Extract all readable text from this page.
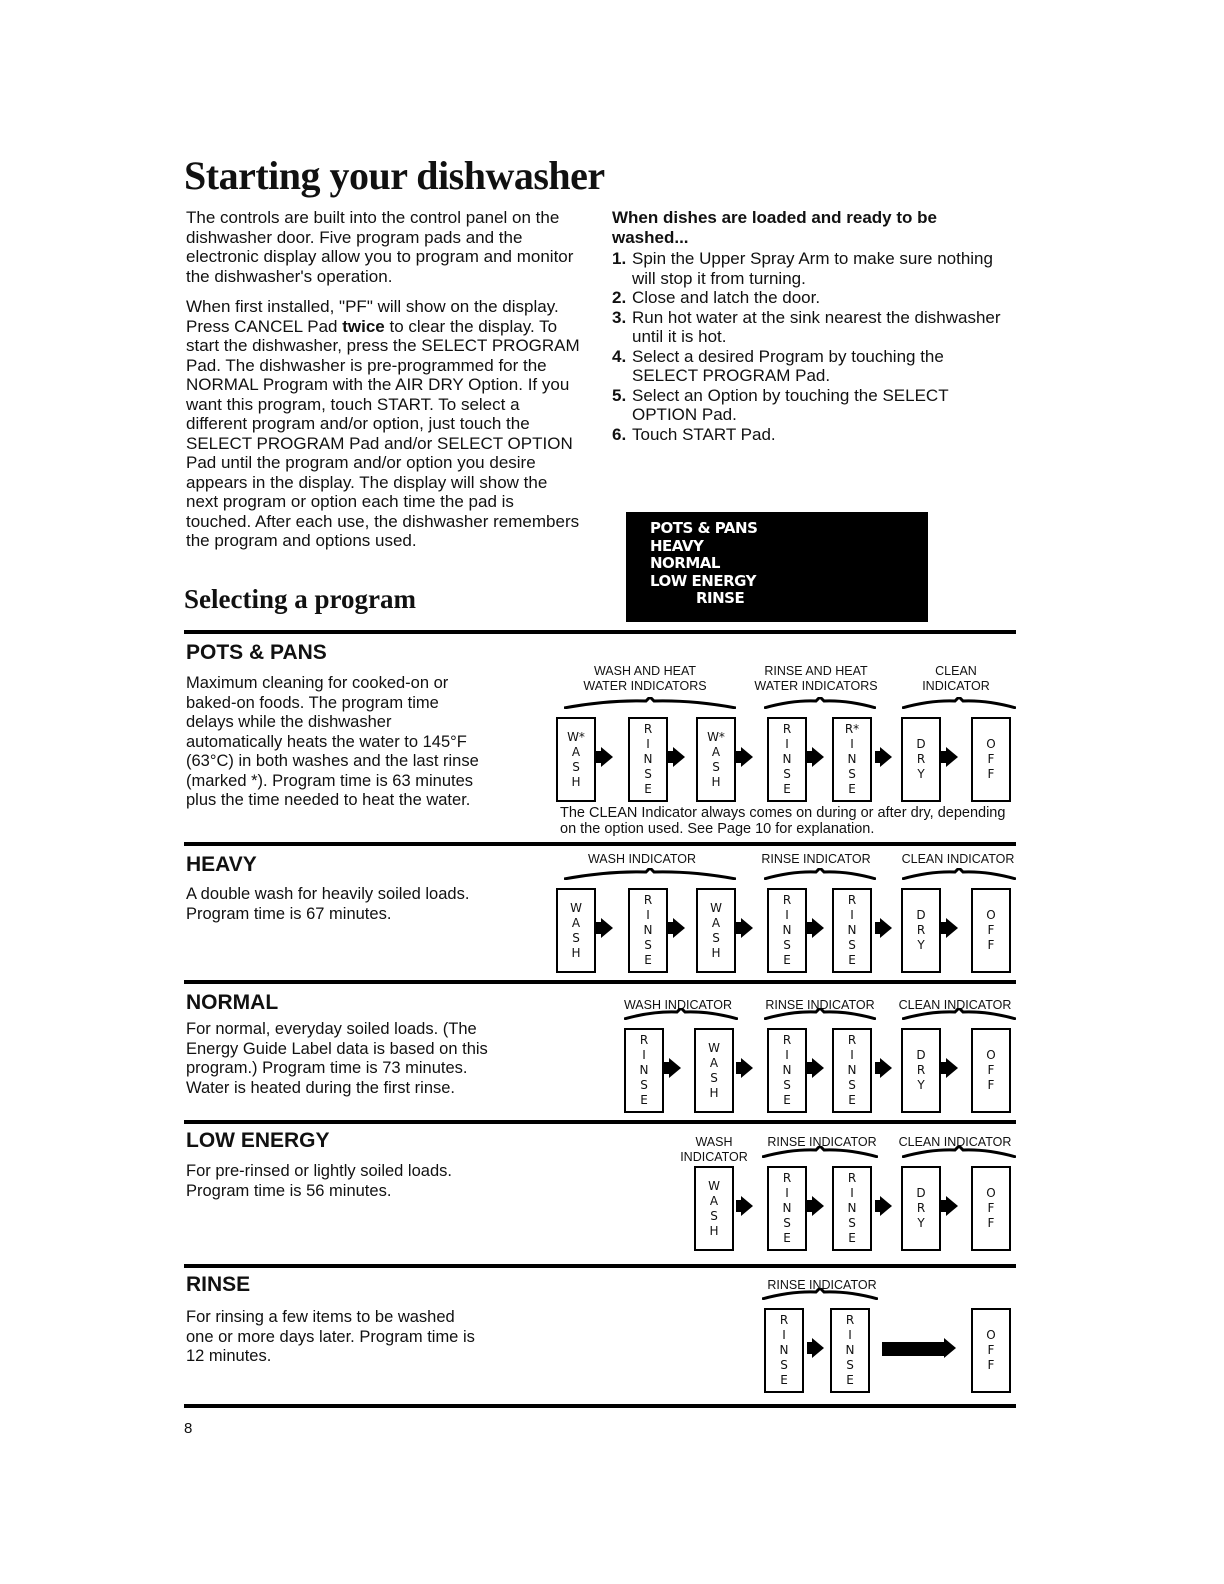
Starting your dishwasher

The controls are built into the control panel on the dishwasher door. Five program pads and the electronic display allow you to program and monitor the dishwasher's operation.

When first installed, "PF" will show on the display. Press CANCEL Pad twice to clear the display. To start the dishwasher, press the SELECT PROGRAM Pad. The dishwasher is pre-programmed for the NORMAL Program with the AIR DRY Option. If you want this program, touch START. To select a different program and/or option, just touch the SELECT PROGRAM Pad and/or SELECT OPTION Pad until the program and/or option you desire appears in the display. The display will show the next program or option each time the pad is touched. After each use, the dishwasher remembers the program and options used.

When dishes are loaded and ready to be washed...

1. Spin the Upper Spray Arm to make sure nothing will stop it from turning.
2. Close and latch the door.
3. Run hot water at the sink nearest the dishwasher until it is hot.
4. Select a desired Program by touching the SELECT PROGRAM Pad.
5. Select an Option by touching the SELECT OPTION Pad.
6. Touch START Pad.
POTS & PANS
HEAVY
NORMAL
LOW ENERGY
RINSE
Selecting a program
POTS & PANS
Maximum cleaning for cooked-on or baked-on foods. The program time delays while the dishwasher automatically heats the water to 145°F (63°C) in both washes and the last rinse (marked *). Program time is 63 minutes plus the time needed to heat the water.
WASH AND HEAT
WATER INDICATORS
RINSE AND HEAT
WATER INDICATORS
CLEAN
INDICATOR
W*
A
S
H
R
I
N
S
E
W*
A
S
H
R
I
N
S
E
R*
I
N
S
E
D
R
Y
O
F
F
The CLEAN Indicator always comes on during or after dry, depending on the option used. See Page 10 for explanation.
HEAVY
A double wash for heavily soiled loads. Program time is 67 minutes.
WASH INDICATOR	RINSE INDICATOR	CLEAN INDICATOR
W
A
S
H
R
I
N
S
E
W
A
S
H
R
I
N
S
E
R
I
N
S
E
D
R
Y
O
F
F
NORMAL
For normal, everyday soiled loads. (The Energy Guide Label data is based on this program.) Program time is 73 minutes. Water is heated during the first rinse.
WASH INDICATOR	RINSE INDICATOR	CLEAN INDICATOR
R
I
N
S
E
W
A
S
H
R
I
N
S
E
R
I
N
S
E
D
R
Y
O
F
F
LOW ENERGY
For pre-rinsed or lightly soiled loads. Program time is 56 minutes.
WASH
INDICATOR
RINSE INDICATOR	CLEAN INDICATOR
W
A
S
H
R
I
N
S
E
R
I
N
S
E
D
R
Y
O
F
F
RINSE
For rinsing a few items to be washed one or more days later. Program time is 12 minutes.
RINSE INDICATOR
R
I
N
S
E
R
I
N
S
E
O
F
F
8
